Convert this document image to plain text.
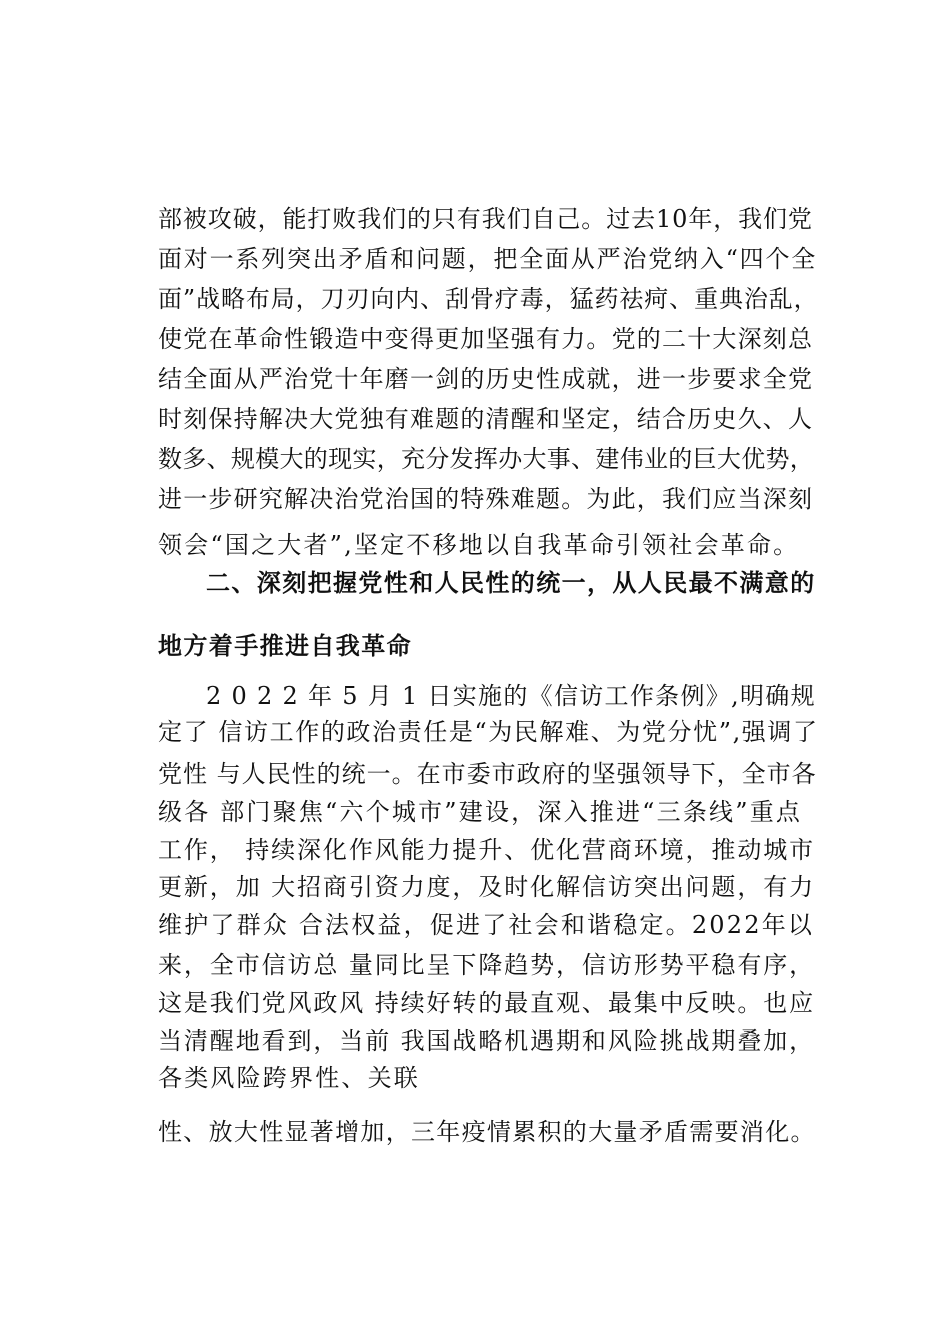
部被攻破，能打败我们的只有我们自己。过去10年，我们党
面对一系列突出矛盾和问题，把全面从严治党纳入“四个全
面”战略布局，刀刃向内、刮骨疗毒，猛药祛疴、重典治乱，
使党在革命性锻造中变得更加坚强有力。党的二十大深刻总
结全面从严治党十年磨一剑的历史性成就，进一步要求全党
时刻保持解决大党独有难题的清醒和坚定，结合历史久、人
数多、规模大的现实，充分发挥办大事、建伟业的巨大优势，
进一步研究解决治党治国的特殊难题。为此，我们应当深刻
领会“国之大者”,坚定不移地以自我革命引领社会革命。
二、深刻把握党性和人民性的统一，从人民最不满意的
地方着手推进自我革命
2 0 2 2 年 5 月 1 日实施的《信访工作条例》,明确规
定了 信访工作的政治责任是“为民解难、为党分忧”,强调了
党性 与人民性的统一。在市委市政府的坚强领导下，全市各
级各 部门聚焦“六个城市”建设，深入推进“三条线”重点
工作， 持续深化作风能力提升、优化营商环境，推动城市
更新，加 大招商引资力度，及时化解信访突出问题，有力
维护了群众 合法权益，促进了社会和谐稳定。2022年以
来，全市信访总 量同比呈下降趋势，信访形势平稳有序，
这是我们党风政风 持续好转的最直观、最集中反映。也应
当清醒地看到，当前 我国战略机遇期和风险挑战期叠加，
各类风险跨界性、关联
性、放大性显著增加，三年疫情累积的大量矛盾需要消化。
